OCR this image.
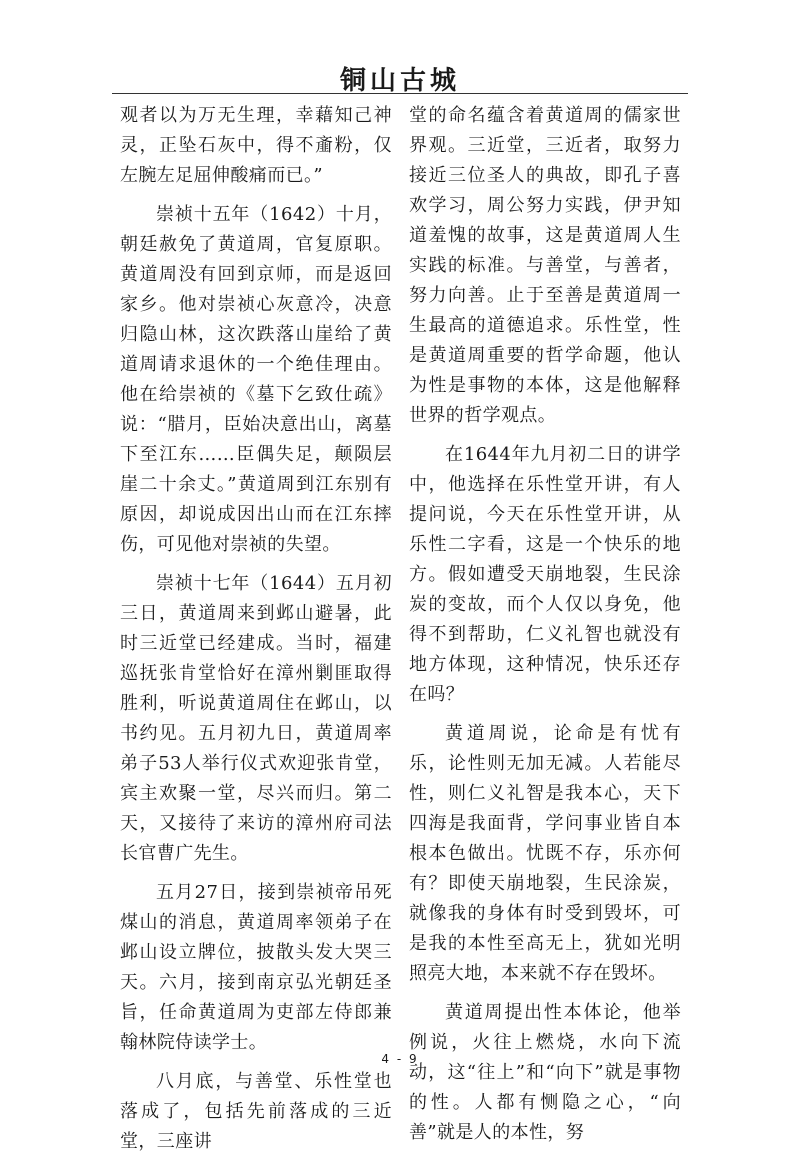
铜山古城

观者以为万无生理，幸藉知己神灵，正坠石灰中，得不齑粉，仅左腕左足屈伸酸痛而已。”

崇祯十五年（1642）十月，朝廷赦免了黄道周，官复原职。黄道周没有回到京师，而是返回家乡。他对崇祯心灰意冷，决意归隐山林，这次跌落山崖给了黄道周请求退休的一个绝佳理由。他在给崇祯的《墓下乞致仕疏》说：“腊月，臣始决意出山，离墓下至江东……臣偶失足，颠陨层崖二十余丈。”黄道周到江东别有原因，却说成因出山而在江东摔伤，可见他对崇祯的失望。

崇祯十七年（1644）五月初三日，黄道周来到邺山避暑，此时三近堂已经建成。当时，福建巡抚张肯堂恰好在漳州剿匪取得胜利，听说黄道周住在邺山，以书约见。五月初九日，黄道周率弟子53人举行仪式欢迎张肯堂，宾主欢聚一堂，尽兴而归。第二天，又接待了来访的漳州府司法长官曹广先生。

五月27日，接到崇祯帝吊死煤山的消息，黄道周率领弟子在邺山设立牌位，披散头发大哭三天。六月，接到南京弘光朝廷圣旨，任命黄道周为吏部左侍郎兼翰林院侍读学士。

八月底，与善堂、乐性堂也落成了，包括先前落成的三近堂，三座讲

堂的命名蕴含着黄道周的儒家世界观。三近堂，三近者，取努力接近三位圣人的典故，即孔子喜欢学习，周公努力实践，伊尹知道羞愧的故事，这是黄道周人生实践的标准。与善堂，与善者，努力向善。止于至善是黄道周一生最高的道德追求。乐性堂，性是黄道周重要的哲学命题，他认为性是事物的本体，这是他解释世界的哲学观点。

在1644年九月初二日的讲学中，他选择在乐性堂开讲，有人提问说，今天在乐性堂开讲，从乐性二字看，这是一个快乐的地方。假如遭受天崩地裂，生民涂炭的变故，而个人仅以身免，他得不到帮助，仁义礼智也就没有地方体现，这种情况，快乐还存在吗？

黄道周说，论命是有忧有乐，论性则无加无减。人若能尽性，则仁义礼智是我本心，天下四海是我面背，学问事业皆自本根本色做出。忧既不存，乐亦何有？即使天崩地裂，生民涂炭，就像我的身体有时受到毁坏，可是我的本性至高无上，犹如光明照亮大地，本来就不存在毁坏。

黄道周提出性本体论，他举例说，火往上燃烧，水向下流动，这“往上”和“向下”就是事物的性。人都有恻隐之心，“向善”就是人的本性，努

4 - 9
